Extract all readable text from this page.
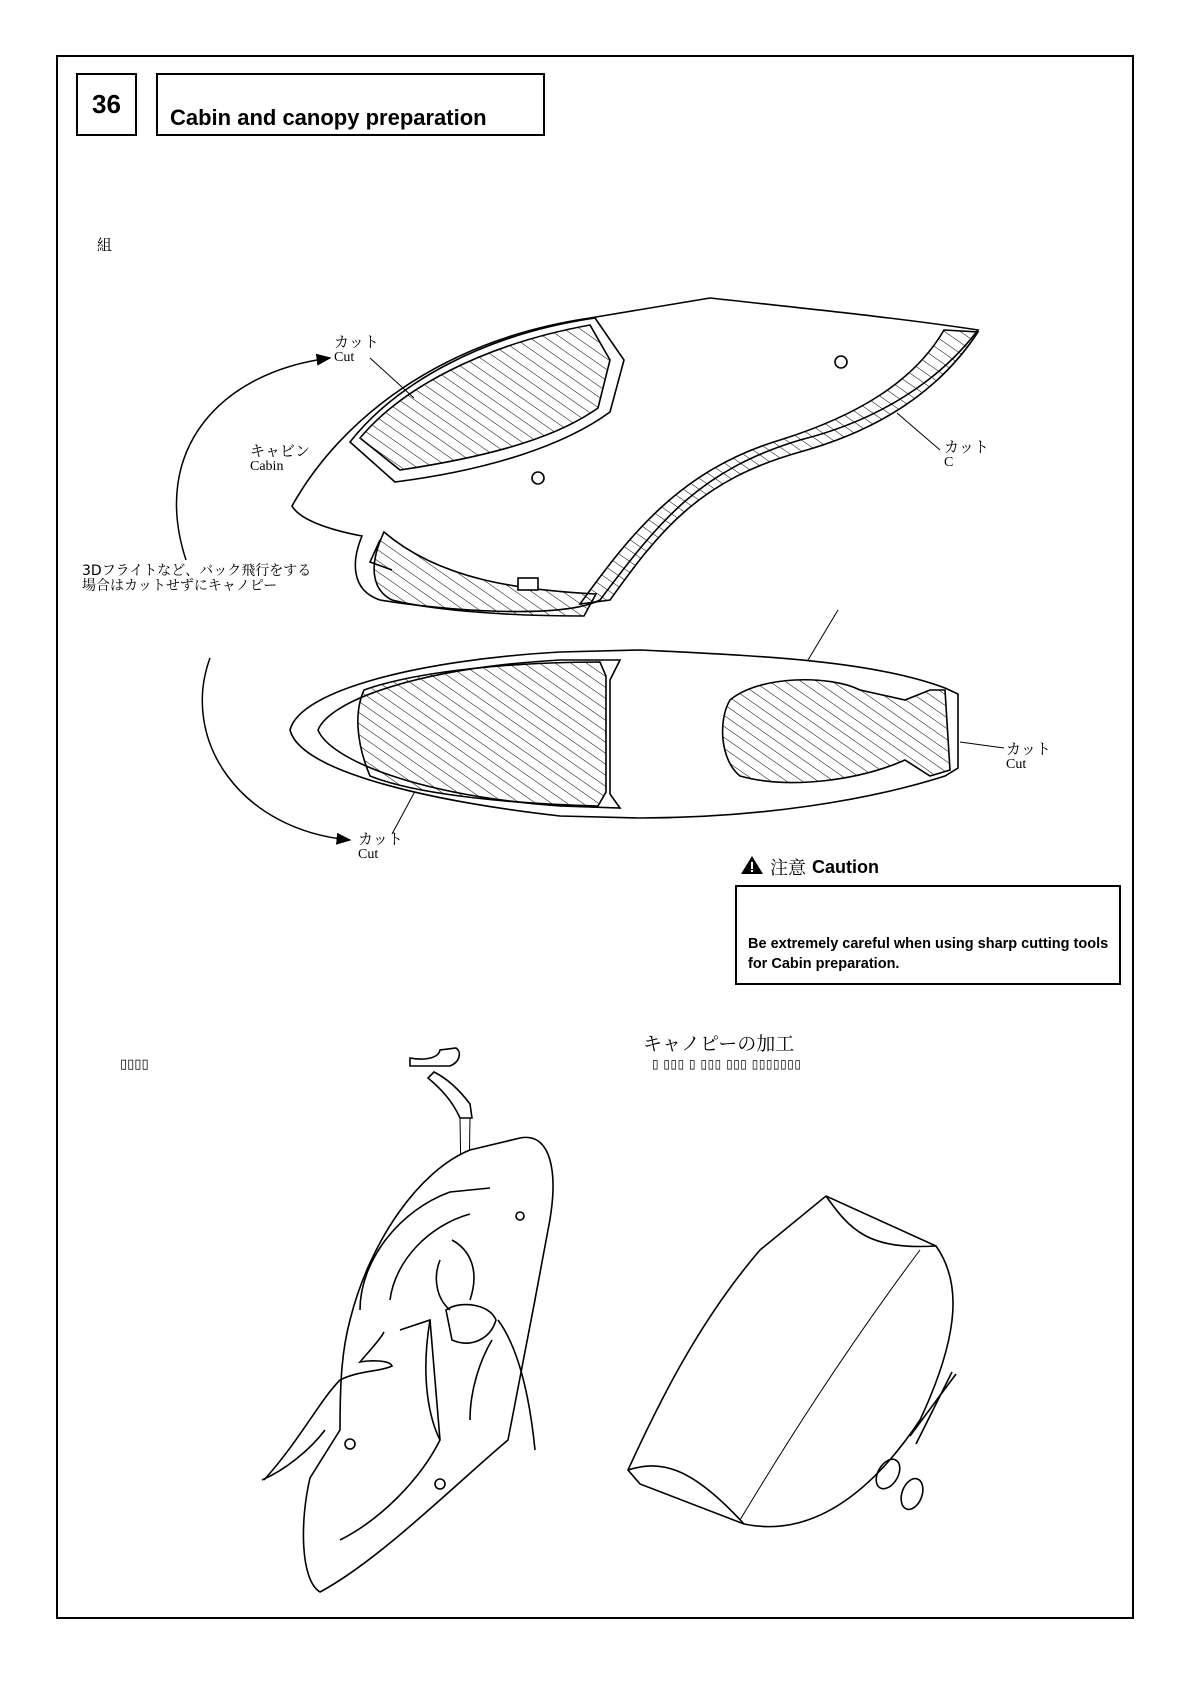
36	Cabin and canopy preparation
組
カット
Cut
キャビン
Cabin
カット
C
3Dフライトなど、バック飛行をする
場合はカットせずにキャノピー
カット
Cut
カット
Cut
注意 Caution
Be extremely careful when using sharp cutting tools for Cabin preparation.
▯▯▯▯
キャノピーの加工
▯ ▯▯▯ ▯ ▯▯▯ ▯▯▯ ▯▯▯▯▯▯▯
